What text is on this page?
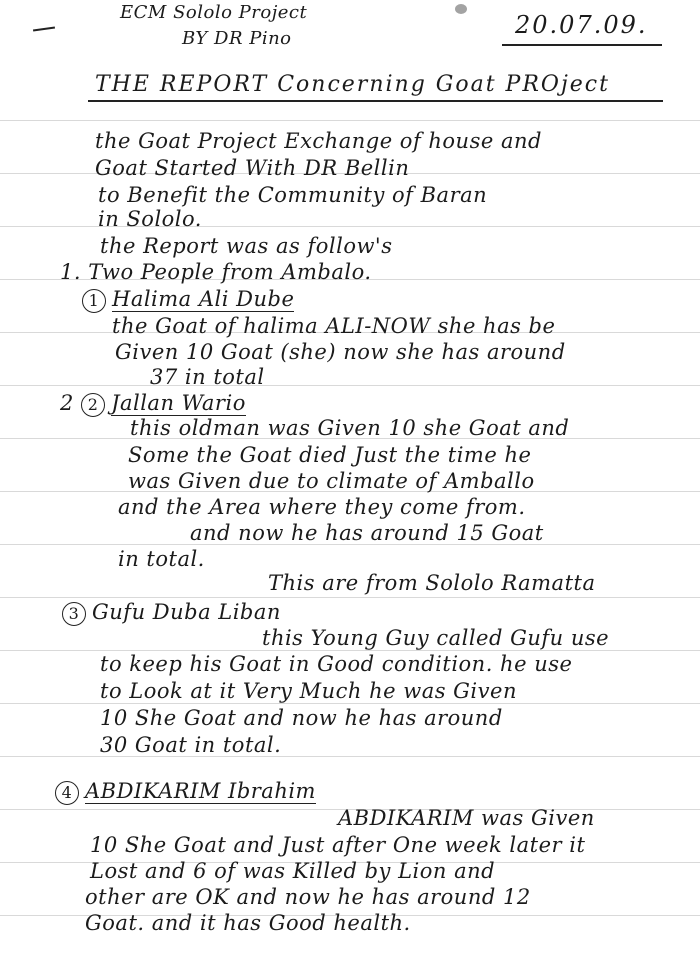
ECM Sololo Project
BY DR Pino	20.07.09.
THE REPORT Concerning Goat PROject
the Goat Project Exchange of house and
Goat Started With DR Bellin
to Benefit the Community of Baran
in Sololo.
the Report was as follow's
1. Two People from Ambalo.
1 Halima Ali Dube
the Goat of halima ALI-NOW she has be
Given 10 Goat (she) now she has around
37 in total
2 2 Jallan Wario
this oldman was Given 10 she Goat and
Some the Goat died Just the time he
was Given due to climate of Amballo
and the Area where they come from.
and now he has around 15 Goat
in total.
This are from Sololo Ramatta
3 Gufu Duba Liban
this Young Guy called Gufu use
to keep his Goat in Good condition. he use
to Look at it Very Much he was Given
10 She Goat and now he has around
30 Goat in total.
4 ABDIKARIM Ibrahim
ABDIKARIM was Given
10 She Goat and Just after One week later it
Lost and 6 of was Killed by Lion and
other are OK and now he has around 12
Goat. and it has Good health.
